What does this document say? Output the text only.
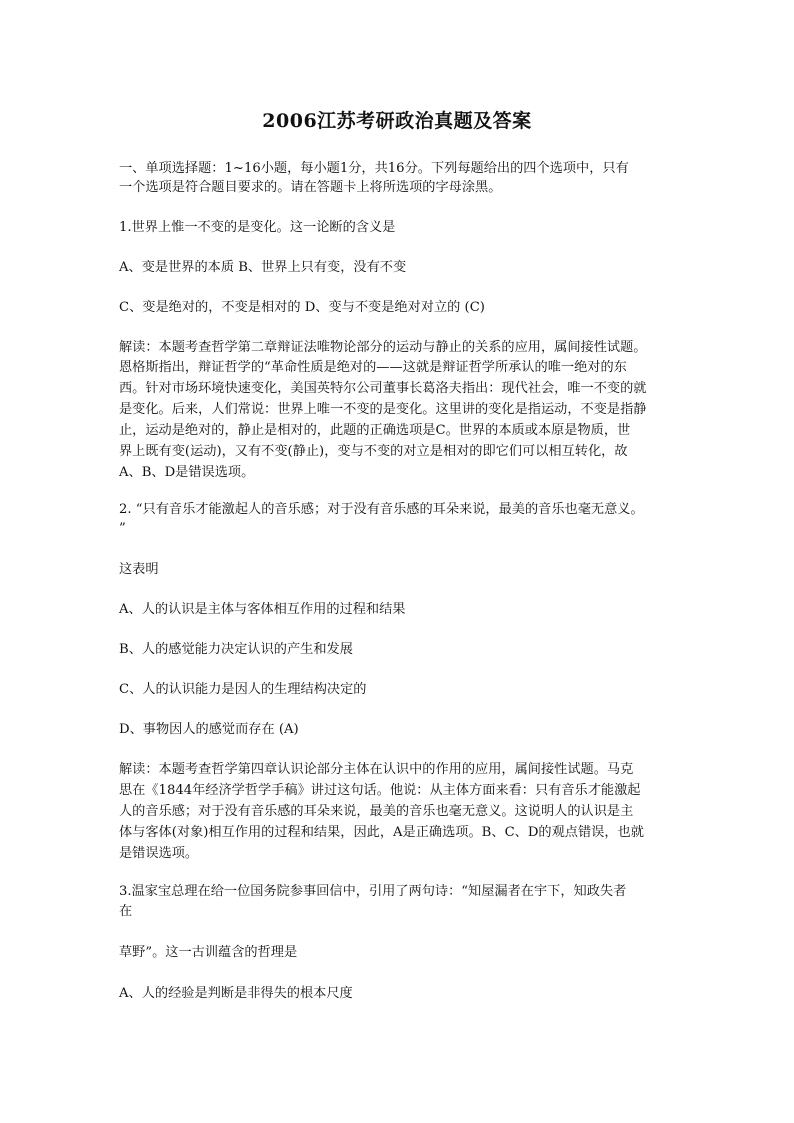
2006江苏考研政治真题及答案
一、单项选择题：1~16小题，每小题1分，共16分。下列每题给出的四个选项中，只有
一个选项是符合题目要求的。请在答题卡上将所选项的字母涂黑。
1.世界上惟一不变的是变化。这一论断的含义是
A、变是世界的本质 B、世界上只有变，没有不变
C、变是绝对的，不变是相对的 D、变与不变是绝对对立的 (C)
解读：本题考查哲学第二章辩证法唯物论部分的运动与静止的关系的应用，属间接性试题。
恩格斯指出，辩证哲学的“革命性质是绝对的——这就是辩证哲学所承认的唯一绝对的东
西。针对市场环境快速变化，美国英特尔公司董事长葛洛夫指出：现代社会，唯一不变的就
是变化。后来，人们常说：世界上唯一不变的是变化。这里讲的变化是指运动，不变是指静
止，运动是绝对的，静止是相对的，此题的正确选项是C。世界的本质或本原是物质，世
界上既有变(运动)，又有不变(静止)，变与不变的对立是相对的即它们可以相互转化，故
A、B、D是错误选项。
2. “只有音乐才能激起人的音乐感；对于没有音乐感的耳朵来说，最美的音乐也毫无意义。
”
这表明
A、人的认识是主体与客体相互作用的过程和结果
B、人的感觉能力决定认识的产生和发展
C、人的认识能力是因人的生理结构决定的
D、事物因人的感觉而存在 (A)
解读：本题考查哲学第四章认识论部分主体在认识中的作用的应用，属间接性试题。马克
思在《1844年经济学哲学手稿》讲过这句话。他说：从主体方面来看：只有音乐才能激起
人的音乐感；对于没有音乐感的耳朵来说，最美的音乐也毫无意义。这说明人的认识是主
体与客体(对象)相互作用的过程和结果，因此，A是正确选项。B、C、D的观点错误，也就
是错误选项。
3.温家宝总理在给一位国务院参事回信中，引用了两句诗：“知屋漏者在宇下，知政失者
在
草野”。这一古训蕴含的哲理是
A、人的经验是判断是非得失的根本尺度
